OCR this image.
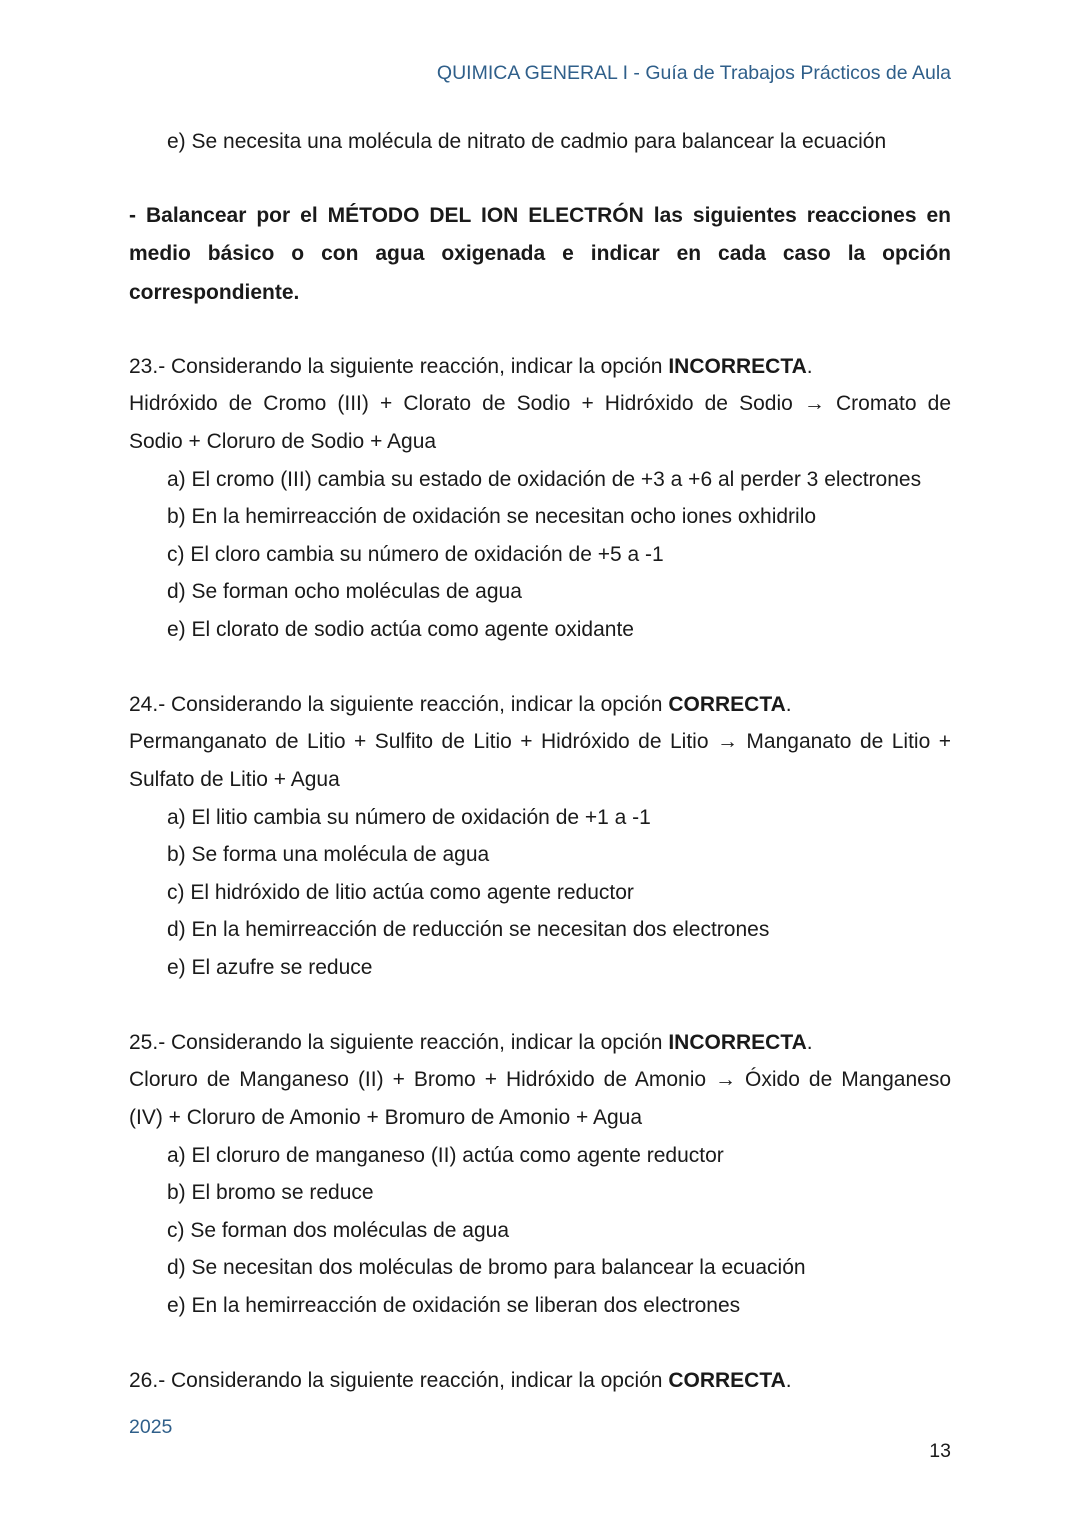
QUIMICA GENERAL I - Guía de Trabajos Prácticos de Aula
e) Se necesita una molécula de nitrato de cadmio para balancear la ecuación
- Balancear por el MÉTODO DEL ION ELECTRÓN las siguientes reacciones en
medio básico o con agua oxigenada e indicar en cada caso la opción
correspondiente.
23.- Considerando la siguiente reacción, indicar la opción INCORRECTA.
Hidróxido de Cromo (III) + Clorato de Sodio + Hidróxido de Sodio → Cromato de
Sodio + Cloruro de Sodio + Agua
a) El cromo (III) cambia su estado de oxidación de +3 a +6 al perder 3 electrones
b) En la hemirreacción de oxidación se necesitan ocho iones oxhidrilo
c) El cloro cambia su número de oxidación de +5 a -1
d) Se forman ocho moléculas de agua
e) El clorato de sodio actúa como agente oxidante
24.- Considerando la siguiente reacción, indicar la opción CORRECTA.
Permanganato de Litio + Sulfito de Litio + Hidróxido de Litio → Manganato de Litio +
Sulfato de Litio + Agua
a) El litio cambia su número de oxidación de +1 a -1
b) Se forma una molécula de agua
c) El hidróxido de litio actúa como agente reductor
d) En la hemirreacción de reducción se necesitan dos electrones
e) El azufre se reduce
25.- Considerando la siguiente reacción, indicar la opción INCORRECTA.
Cloruro de Manganeso (II) + Bromo + Hidróxido de Amonio → Óxido de Manganeso
(IV) + Cloruro de Amonio + Bromuro de Amonio + Agua
a) El cloruro de manganeso (II) actúa como agente reductor
b) El bromo se reduce
c) Se forman dos moléculas de agua
d) Se necesitan dos moléculas de bromo para balancear la ecuación
e) En la hemirreacción de oxidación se liberan dos electrones
26.- Considerando la siguiente reacción, indicar la opción CORRECTA.
2025
13
